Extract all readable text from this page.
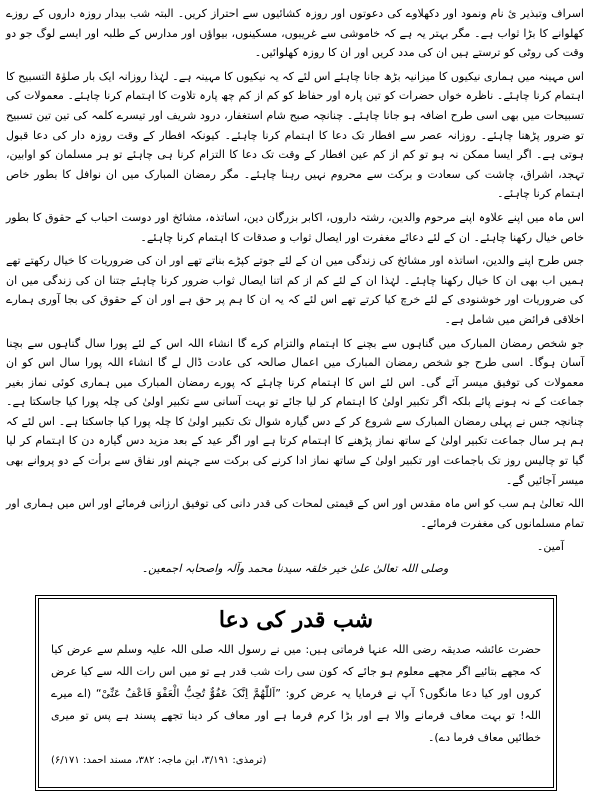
اسراف وتبذیر یٔ نام ونمود اور دکھلاوے کی دعوتوں اور روزہ کشائیوں سے احتراز کریں۔ البتہ شب بیدار روزہ داروں کے روزے کھلوانے کا بڑا ثواب ہے۔ مگر بہتر یہ ہے کہ خاموشی سے غریبوں، مسکینوں، بیواؤں اور مدارس کے طلبہ اور ایسے لوگ جو دو وقت کی روٹی کو ترستے ہیں ان کی مدد کریں اور ان کا روزہ کھلوائیں۔

اس مہینہ میں ہماری نیکیوں کا میزانیہ بڑھ جانا چاہئے اس لئے کہ یہ نیکیوں کا مہینہ ہے۔ لہٰذا روزانہ ایک بار صلوٰۃ التسبیح کا اہتمام کرنا چاہئے۔ ناظرہ خواں حضرات کو تین پارہ اور حفاظ کو کم از کم چھ پارہ تلاوت کا اہتمام کرنا چاہئے۔ معمولات کی تسبیحات میں بھی اسی طرح اضافہ ہو جانا چاہئے۔ چنانچہ صبح شام استغفار، درود شریف اور تیسرے کلمہ کی تین تین تسبیح تو ضرور پڑھنا چاہئے۔ روزانہ عصر سے افطار تک دعا کا اہتمام کرنا چاہئے۔ کیونکہ افطار کے وقت روزہ دار کی دعا قبول ہوتی ہے۔ اگر ایسا ممکن نہ ہو تو کم از کم عین افطار کے وقت تک دعا کا التزام کرنا ہی چاہئے تو ہر مسلمان کو اوابین، تہجد، اشراق، چاشت کی سعادت و برکت سے محروم نہیں رہنا چاہئے۔ مگر رمضان المبارک میں ان نوافل کا بطور خاص اہتمام کرنا چاہئے۔

اس ماہ میں اپنے علاوہ اپنے مرحوم والدین، رشتہ داروں، اکابر بزرگان دین، اساتذہ، مشائخ اور دوست احباب کے حقوق کا بطور خاص خیال رکھنا چاہئے۔ ان کے لئے دعائے مغفرت اور ایصال ثواب و صدقات کا اہتمام کرنا چاہئے۔

جس طرح اپنے والدین، اساتذہ اور مشائخ کی زندگی میں ان کے لئے جوتے کپڑے بناتے تھے اور ان کی ضروریات کا خیال رکھتے تھے ہمیں اب بھی ان کا خیال رکھنا چاہئے۔ لہٰذا ان کے لئے کم از کم اتنا ایصال ثواب ضرور کرنا چاہئے جتنا ان کی زندگی میں ان کی ضروریات اور خوشنودی کے لئے خرچ کیا کرتے تھے اس لئے کہ یہ ان کا ہم پر حق ہے اور ان کے حقوق کی بجا آوری ہمارے اخلاقی فرائض میں شامل ہے۔

جو شخص رمضان المبارک میں گناہوں سے بچنے کا اہتمام والتزام کرے گا انشاء اللہ اس کے لئے پورا سال گناہوں سے بچنا آسان ہوگا۔ اسی طرح جو شخص رمضان المبارک میں اعمال صالحہ کی عادت ڈال لے گا انشاء اللہ پورا سال اس کو ان معمولات کی توفیق میسر آئے گی۔ اس لئے اس کا اہتمام کرنا چاہئے کہ پورے رمضان المبارک میں ہماری کوئی نماز بغیر جماعت کے نہ ہونے پائے بلکہ اگر تکبیر اولیٰ کا اہتمام کر لیا جائے تو بہت آسانی سے تکبیر اولیٰ کی چلہ پورا کیا جاسکتا ہے۔ چنانچہ جس نے پہلی رمضان المبارک سے شروع کر کے دس گیارہ شوال تک تکبیر اولیٰ کا چلہ پورا کیا جاسکتا ہے۔ اس لئے کہ ہم ہر سال جماعت تکبیر اولیٰ کے ساتھ نماز پڑھنے کا اہتمام کرتا ہے اور اگر عید کے بعد مزید دس گیارہ دن کا اہتمام کر لیا گیا تو چالیس روز تک باجماعت اور تکبیر اولیٰ کے ساتھ نماز ادا کرنے کی برکت سے جہنم اور نفاق سے برأت کے دو پروانے بھی میسر آجائیں گے۔

اللہ تعالیٰ ہم سب کو اس ماہ مقدس اور اس کے قیمتی لمحات کی قدر دانی کی توفیق ارزانی فرمائے اور اس میں ہماری اور تمام مسلمانوں کی مغفرت فرمائے۔

آمین۔
وصلی اللہ تعالیٰ علیٰ خیر خلقہ سیدنا محمد وآلہ واصحابہ اجمعین۔
شب قدر کی دعا

حضرت عائشہ صدیقہ رضی اللہ عنہا فرماتی ہیں: میں نے رسول اللہ صلی اللہ علیہ وسلم سے عرض کیا کہ مجھے بتائیے اگر مجھے معلوم ہو جائے کہ کون سی رات شب قدر ہے تو میں اس رات اللہ سے کیا عرض کروں اور کیا دعا مانگوں؟ آپ نے فرمایا یہ عرض کرو: ”اَللّٰھُمَّ اِنَّکَ عَفُوٌّ تُحِبُّ الْعَفْوَ فَاعْفُ عَنِّیْ“ (اے میرے اللہ! تو بہت معاف فرمانے والا ہے اور بڑا کرم فرما ہے اور معاف کر دینا تجھے پسند ہے پس تو میری خطائیں معاف فرما دے)۔

(ترمذی: ۳/۱۹۱، ابن ماجہ: ۳۸۲، مسند احمد: ۶/۱۷۱)
